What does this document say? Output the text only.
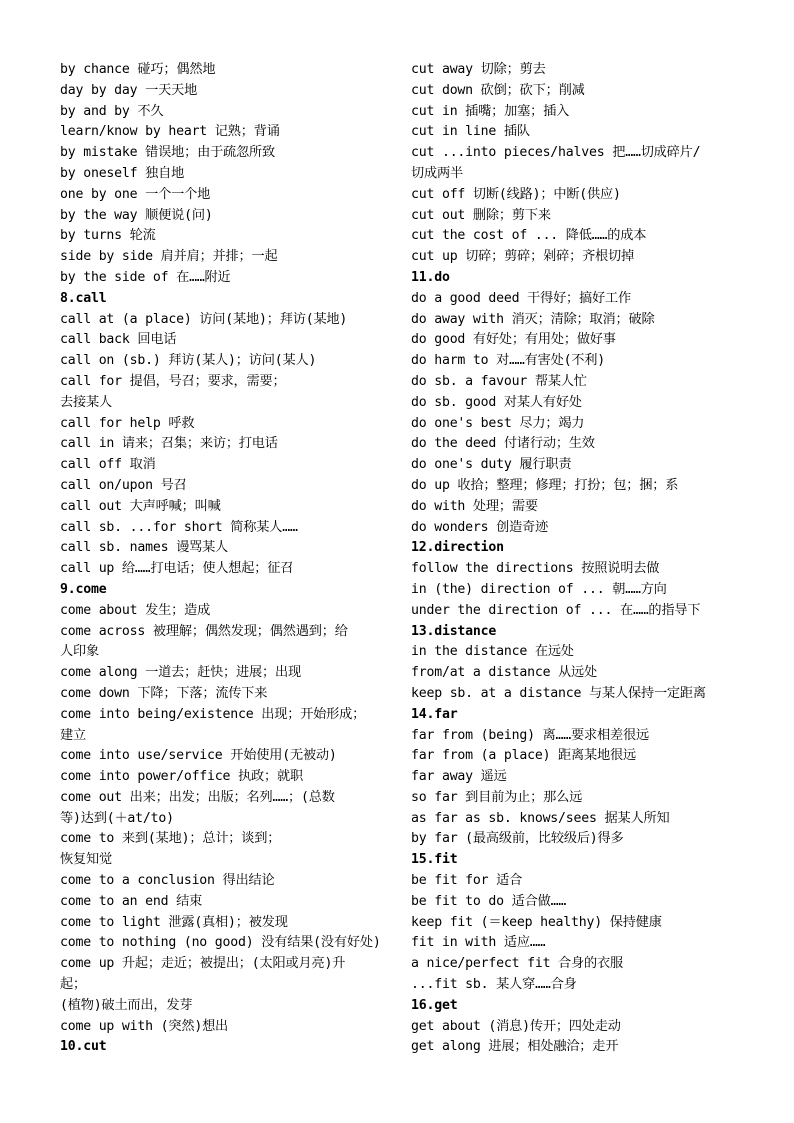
by chance 碰巧；偶然地
day by day 一天天地
by and by 不久
learn/know by heart 记熟；背诵
by mistake 错误地；由于疏忽所致
by oneself 独自地
one by one 一个一个地
by the way 顺便说(问)
by turns 轮流
side by side 肩并肩；并排；一起
by the side of 在……附近
8.call
call at (a place) 访问(某地)；拜访(某地)
call back 回电话
call on (sb.) 拜访(某人)；访问(某人)
call for 提倡，号召；要求，需要；
去接某人
call for help 呼救
call in 请来；召集；来访；打电话
call off 取消
call on/upon 号召
call out 大声呼喊；叫喊
call sb. ...for short 简称某人……
call sb. names 谩骂某人
call up 给……打电话；使人想起；征召
9.come
come about 发生；造成
come across 被理解；偶然发现；偶然遇到；给
人印象
come along 一道去；赶快；进展；出现
come down 下降；下落；流传下来
come into being/existence 出现；开始形成；
建立
come into use/service 开始使用(无被动)
come into power/office 执政；就职
come out 出来；出发；出版；名列……；(总数
等)达到(＋at/to)
come to 来到(某地)；总计；谈到；
恢复知觉
come to a conclusion 得出结论
come to an end 结束
come to light 泄露(真相)；被发现
come to nothing (no good) 没有结果(没有好处)
come up 升起；走近；被提出；(太阳或月亮)升
起；
(植物)破土而出，发芽
come up with (突然)想出
10.cut
cut away 切除；剪去
cut down 砍倒；砍下；削减
cut in 插嘴；加塞；插入
cut in line 插队
cut ...into pieces/halves 把……切成碎片/
切成两半
cut off 切断(线路)；中断(供应)
cut out 删除；剪下来
cut the cost of ... 降低……的成本
cut up 切碎；剪碎；剁碎；齐根切掉
11.do
do a good deed 干得好；搞好工作
do away with 消灭；清除；取消；破除
do good 有好处；有用处；做好事
do harm to 对……有害处(不利)
do sb. a favour 帮某人忙
do sb. good 对某人有好处
do one's best 尽力；竭力
do the deed 付诸行动；生效
do one's duty 履行职责
do up 收拾；整理；修理；打扮；包；捆；系
do with 处理；需要
do wonders 创造奇迹
12.direction
follow the directions 按照说明去做
in (the) direction of ... 朝……方向
under the direction of ... 在……的指导下
13.distance
in the distance 在远处
from/at a distance 从远处
keep sb. at a distance 与某人保持一定距离
14.far
far from (being) 离……要求相差很远
far from (a place) 距离某地很远
far away 遥远
so far 到目前为止；那么远
as far as sb. knows/sees 据某人所知
by far (最高级前，比较级后)得多
15.fit
be fit for 适合
be fit to do 适合做……
keep fit (＝keep healthy) 保持健康
fit in with 适应……
a nice/perfect fit 合身的衣服
...fit sb. 某人穿……合身
16.get
get about (消息)传开；四处走动
get along 进展；相处融洽；走开
